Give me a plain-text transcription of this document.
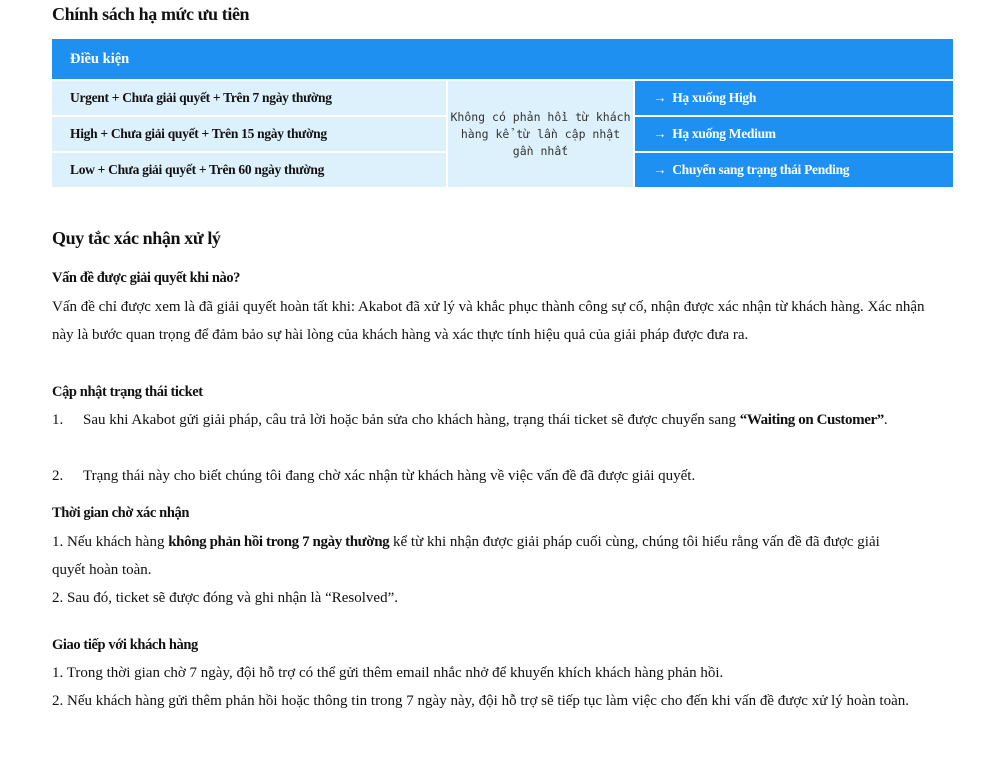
Chính sách hạ mức ưu tiên
Điều kiện		
Urgent + Chưa giải quyết + Trên 7 ngày thường	Không có phản hồi từ khách hàng kể từ lần cập nhật gần nhất	→ Hạ xuống High
High + Chưa giải quyết + Trên 15 ngày thường		→ Hạ xuống Medium
Low + Chưa giải quyết + Trên 60 ngày thường		→ Chuyển sang trạng thái Pending
Quy tắc xác nhận xử lý
Vấn đề được giải quyết khi nào?
Vấn đề chỉ được xem là đã giải quyết hoàn tất khi: Akabot đã xử lý và khắc phục thành công sự cố, nhận được xác nhận từ khách hàng. Xác nhận này là bước quan trọng để đảm bảo sự hài lòng của khách hàng và xác thực tính hiệu quả của giải pháp được đưa ra.
Cập nhật trạng thái ticket
1. Sau khi Akabot gửi giải pháp, câu trả lời hoặc bản sửa cho khách hàng, trạng thái ticket sẽ được chuyển sang “Waiting on Customer”.
2. Trạng thái này cho biết chúng tôi đang chờ xác nhận từ khách hàng về việc vấn đề đã được giải quyết.
Thời gian chờ xác nhận
1. Nếu khách hàng không phản hồi trong 7 ngày thường kể từ khi nhận được giải pháp cuối cùng, chúng tôi hiểu rằng vấn đề đã được giải quyết hoàn toàn.
2. Sau đó, ticket sẽ được đóng và ghi nhận là “Resolved”.
Giao tiếp với khách hàng
1. Trong thời gian chờ 7 ngày, đội hỗ trợ có thể gửi thêm email nhắc nhở để khuyến khích khách hàng phản hồi.
2. Nếu khách hàng gửi thêm phản hồi hoặc thông tin trong 7 ngày này, đội hỗ trợ sẽ tiếp tục làm việc cho đến khi vấn đề được xử lý hoàn toàn.
